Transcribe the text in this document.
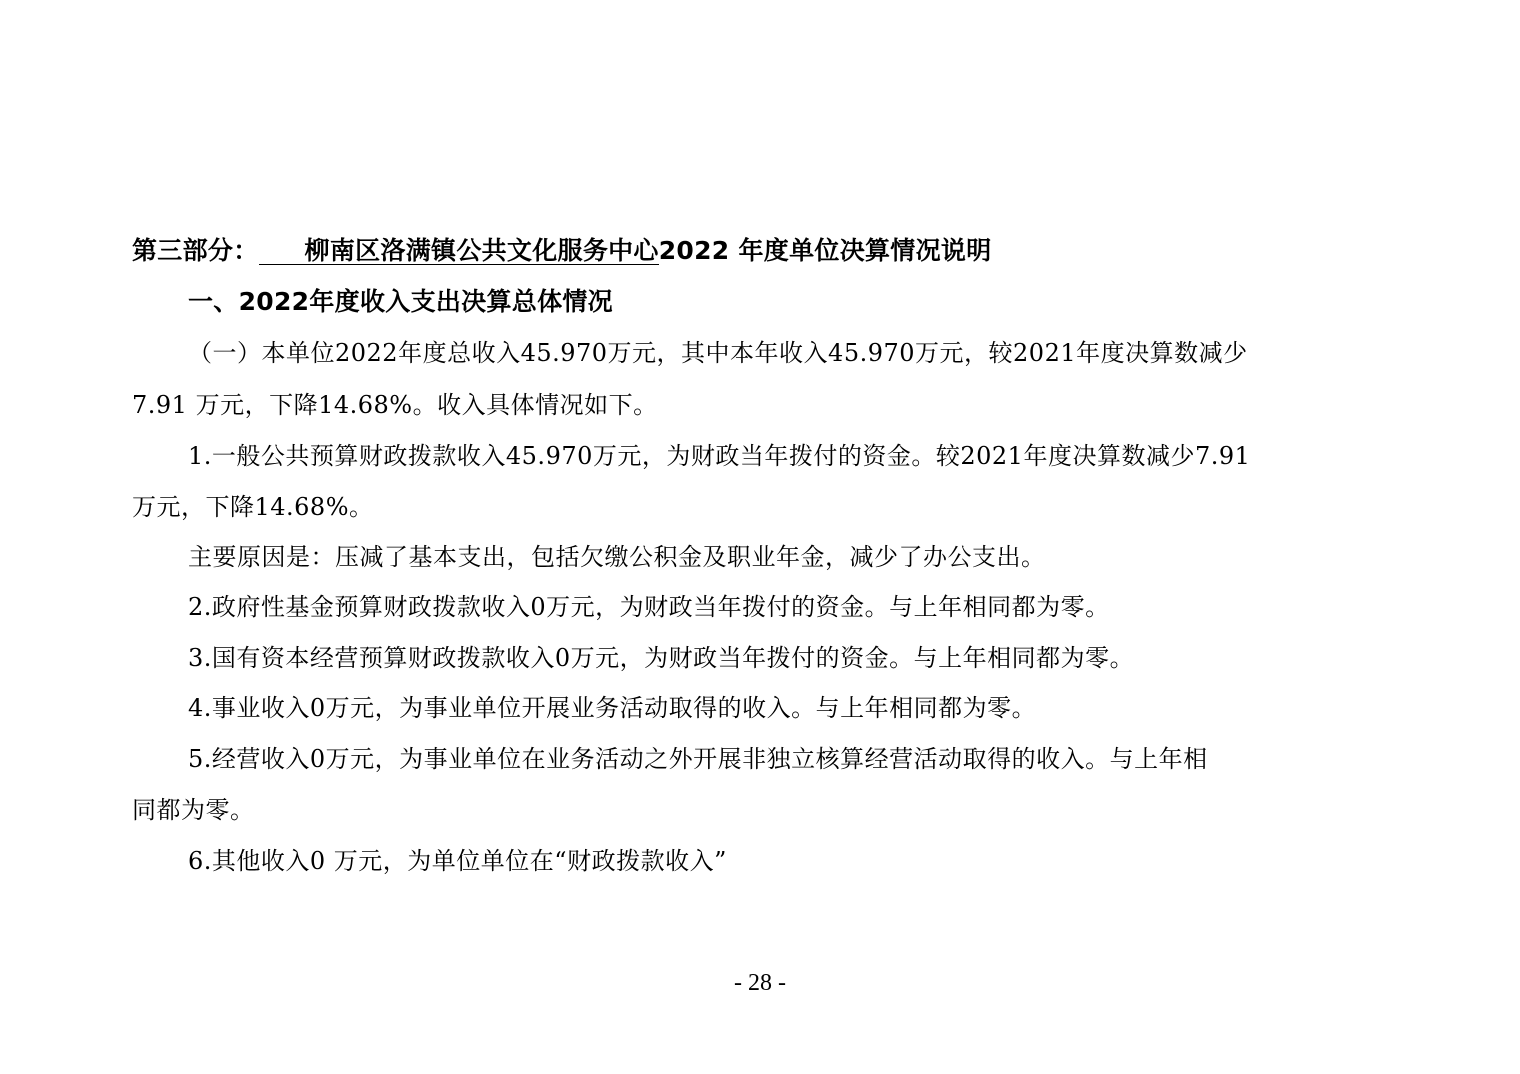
第三部分： 柳南区洛满镇公共文化服务中心2022 年度单位决算情况说明
一、2022年度收入支出决算总体情况
（一）本单位2022年度总收入45.970万元，其中本年收入45.970万元，较2021年度决算数减少
7.91 万元，下降14.68%。收入具体情况如下。
1.一般公共预算财政拨款收入45.970万元，为财政当年拨付的资金。较2021年度决算数减少7.91
万元，下降14.68%。
主要原因是：压减了基本支出，包括欠缴公积金及职业年金，减少了办公支出。
2.政府性基金预算财政拨款收入0万元，为财政当年拨付的资金。与上年相同都为零。
3.国有资本经营预算财政拨款收入0万元，为财政当年拨付的资金。与上年相同都为零。
4.事业收入0万元，为事业单位开展业务活动取得的收入。与上年相同都为零。
5.经营收入0万元，为事业单位在业务活动之外开展非独立核算经营活动取得的收入。与上年相
同都为零。
6.其他收入0 万元，为单位单位在“财政拨款收入”
- 28 -
